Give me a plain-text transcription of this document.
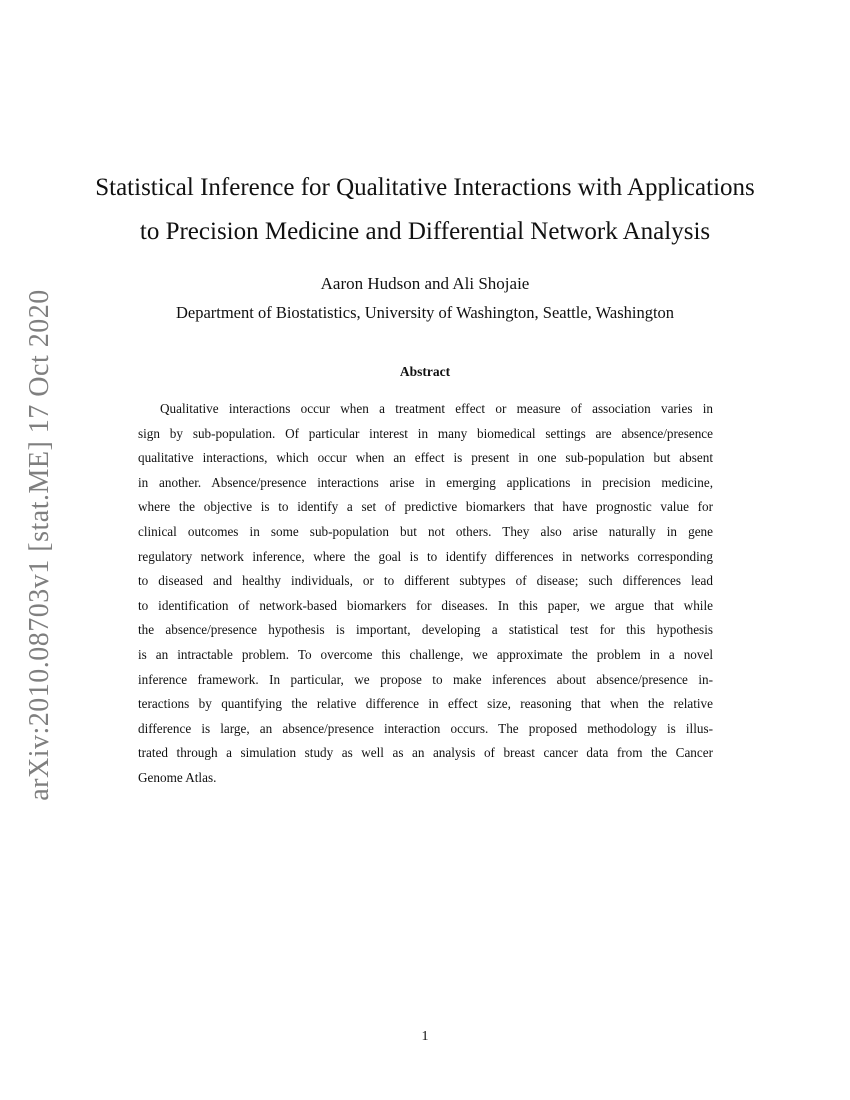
arXiv:2010.08703v1 [stat.ME] 17 Oct 2020
Statistical Inference for Qualitative Interactions with Applications
to Precision Medicine and Differential Network Analysis
Aaron Hudson and Ali Shojaie
Department of Biostatistics, University of Washington, Seattle, Washington
Abstract
Qualitative interactions occur when a treatment effect or measure of association varies in
sign by sub-population. Of particular interest in many biomedical settings are absence/presence
qualitative interactions, which occur when an effect is present in one sub-population but absent
in another. Absence/presence interactions arise in emerging applications in precision medicine,
where the objective is to identify a set of predictive biomarkers that have prognostic value for
clinical outcomes in some sub-population but not others. They also arise naturally in gene
regulatory network inference, where the goal is to identify differences in networks corresponding
to diseased and healthy individuals, or to different subtypes of disease; such differences lead
to identification of network-based biomarkers for diseases. In this paper, we argue that while
the absence/presence hypothesis is important, developing a statistical test for this hypothesis
is an intractable problem. To overcome this challenge, we approximate the problem in a novel
inference framework. In particular, we propose to make inferences about absence/presence in-
teractions by quantifying the relative difference in effect size, reasoning that when the relative
difference is large, an absence/presence interaction occurs. The proposed methodology is illus-
trated through a simulation study as well as an analysis of breast cancer data from the Cancer
Genome Atlas.
1
